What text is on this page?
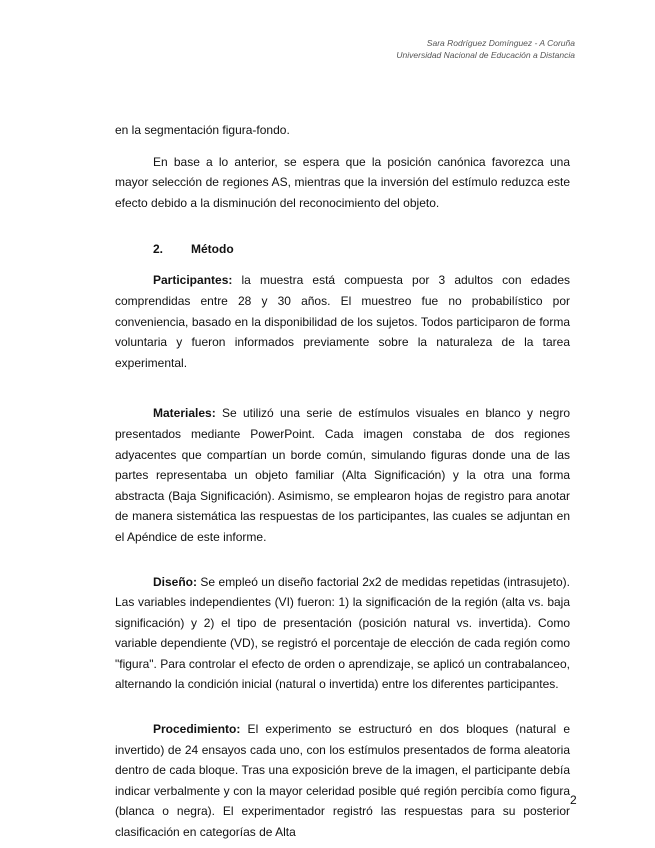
Sara Rodríguez Domínguez - A Coruña
Universidad Nacional de Educación a Distancia

en la segmentación figura-fondo.

En base a lo anterior, se espera que la posición canónica favorezca una mayor selección de regiones AS, mientras que la inversión del estímulo reduzca este efecto debido a la disminución del reconocimiento del objeto.

2. Método

Participantes: la muestra está compuesta por 3 adultos con edades comprendidas entre 28 y 30 años. El muestreo fue no probabilístico por conveniencia, basado en la disponibilidad de los sujetos. Todos participaron de forma voluntaria y fueron informados previamente sobre la naturaleza de la tarea experimental.

Materiales: Se utilizó una serie de estímulos visuales en blanco y negro presentados mediante PowerPoint. Cada imagen constaba de dos regiones adyacentes que compartían un borde común, simulando figuras donde una de las partes representaba un objeto familiar (Alta Significación) y la otra una forma abstracta (Baja Significación). Asimismo, se emplearon hojas de registro para anotar de manera sistemática las respuestas de los participantes, las cuales se adjuntan en el Apéndice de este informe.

Diseño: Se empleó un diseño factorial 2x2 de medidas repetidas (intrasujeto). Las variables independientes (VI) fueron: 1) la significación de la región (alta vs. baja significación) y 2) el tipo de presentación (posición natural vs. invertida). Como variable dependiente (VD), se registró el porcentaje de elección de cada región como "figura". Para controlar el efecto de orden o aprendizaje, se aplicó un contrabalanceo, alternando la condición inicial (natural o invertida) entre los diferentes participantes.

Procedimiento: El experimento se estructuró en dos bloques (natural e invertido) de 24 ensayos cada uno, con los estímulos presentados de forma aleatoria dentro de cada bloque. Tras una exposición breve de la imagen, el participante debía indicar verbalmente y con la mayor celeridad posible qué región percibía como figura (blanca o negra). El experimentador registró las respuestas para su posterior clasificación en categorías de Alta

2
